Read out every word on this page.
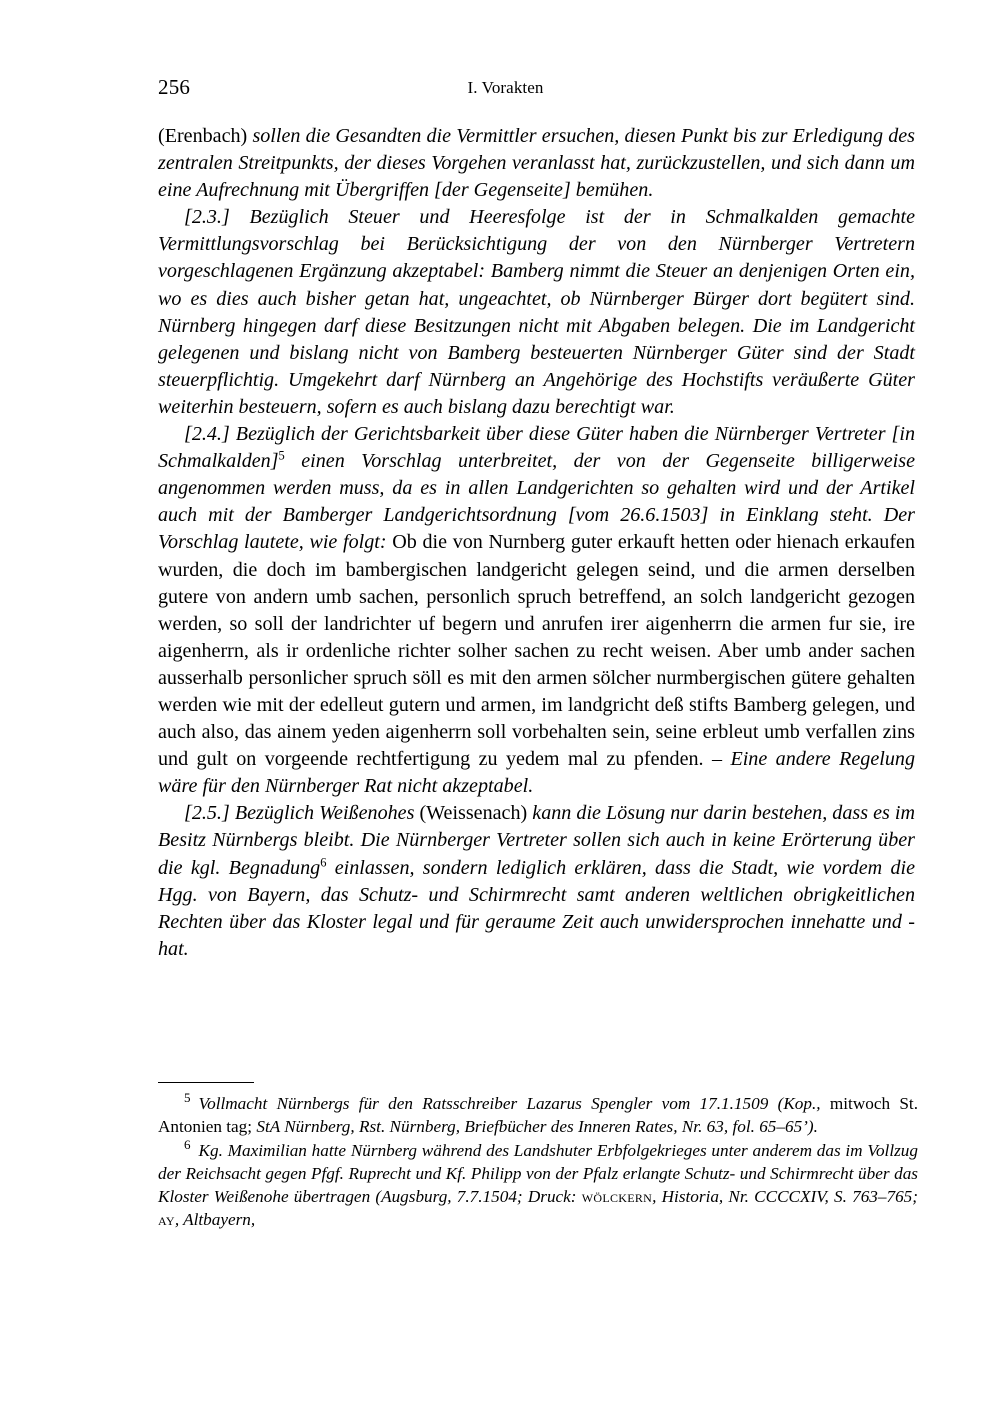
256	I. Vorakten

(Erenbach) sollen die Gesandten die Vermittler ersuchen, diesen Punkt bis zur Erledigung des zentralen Streitpunkts, der dieses Vorgehen veranlasst hat, zurückzustellen, und sich dann um eine Aufrechnung mit Übergriffen [der Gegenseite] bemühen.

[2.3.] Bezüglich Steuer und Heeresfolge ist der in Schmalkalden gemachte Vermittlungsvorschlag bei Berücksichtigung der von den Nürnberger Vertretern vorgeschlagenen Ergänzung akzeptabel: Bamberg nimmt die Steuer an denjenigen Orten ein, wo es dies auch bisher getan hat, ungeachtet, ob Nürnberger Bürger dort begütert sind. Nürnberg hingegen darf diese Besitzungen nicht mit Abgaben belegen. Die im Landgericht gelegenen und bislang nicht von Bamberg besteuerten Nürnberger Güter sind der Stadt steuerpflichtig. Umgekehrt darf Nürnberg an Angehörige des Hochstifts veräußerte Güter weiterhin besteuern, sofern es auch bislang dazu berechtigt war.

[2.4.] Bezüglich der Gerichtsbarkeit über diese Güter haben die Nürnberger Vertreter [in Schmalkalden]$^5$ einen Vorschlag unterbreitet, der von der Gegenseite billigerweise angenommen werden muss, da es in allen Landgerichten so gehalten wird und der Artikel auch mit der Bamberger Landgerichtsordnung [vom 26.6.1503] in Einklang steht. Der Vorschlag lautete, wie folgt: Ob die von Nurnberg guter erkauft hetten oder hienach erkaufen wurden, die doch im bambergischen landgericht gelegen seind, und die armen derselben gutere von andern umb sachen, personlich spruch betreffend, an solch landgericht gezogen werden, so soll der landrichter uf begern und anrufen irer aigenherrn die armen fur sie, ire aigenherrn, als ir ordenliche richter solher sachen zu recht weisen. Aber umb ander sachen ausserhalb personlicher spruch söll es mit den armen sölcher nurmbergischen gütere gehalten werden wie mit der edelleut gutern und armen, im landgricht deß stifts Bamberg gelegen, und auch also, das ainem yeden aigenherrn soll vorbehalten sein, seine erbleut umb verfallen zins und gult on vorgeende rechtfertigung zu yedem mal zu pfenden. – Eine andere Regelung wäre für den Nürnberger Rat nicht akzeptabel.

[2.5.] Bezüglich Weißenohes (Weissenach) kann die Lösung nur darin bestehen, dass es im Besitz Nürnbergs bleibt. Die Nürnberger Vertreter sollen sich auch in keine Erörterung über die kgl. Begnadung$^6$ einlassen, sondern lediglich erklären, dass die Stadt, wie vordem die Hgg. von Bayern, das Schutz- und Schirmrecht samt anderen weltlichen obrigkeitlichen Rechten über das Kloster legal und für geraume Zeit auch unwidersprochen innehatte und -hat.

$^5$ Vollmacht Nürnbergs für den Ratsschreiber Lazarus Spengler vom 17.1.1509 (Kop., mitwoch St. Antonien tag; StA Nürnberg, Rst. Nürnberg, Briefbücher des Inneren Rates, Nr. 63, fol. 65–65’).

$^6$ Kg. Maximilian hatte Nürnberg während des Landshuter Erbfolgekrieges unter anderem das im Vollzug der Reichsacht gegen Pfgf. Ruprecht und Kf. Philipp von der Pfalz erlangte Schutz- und Schirmrecht über das Kloster Weißenohe übertragen (Augsburg, 7.7.1504; Druck: wölckern, Historia, Nr. CCCCXIV, S. 763–765; ay, Altbayern,
